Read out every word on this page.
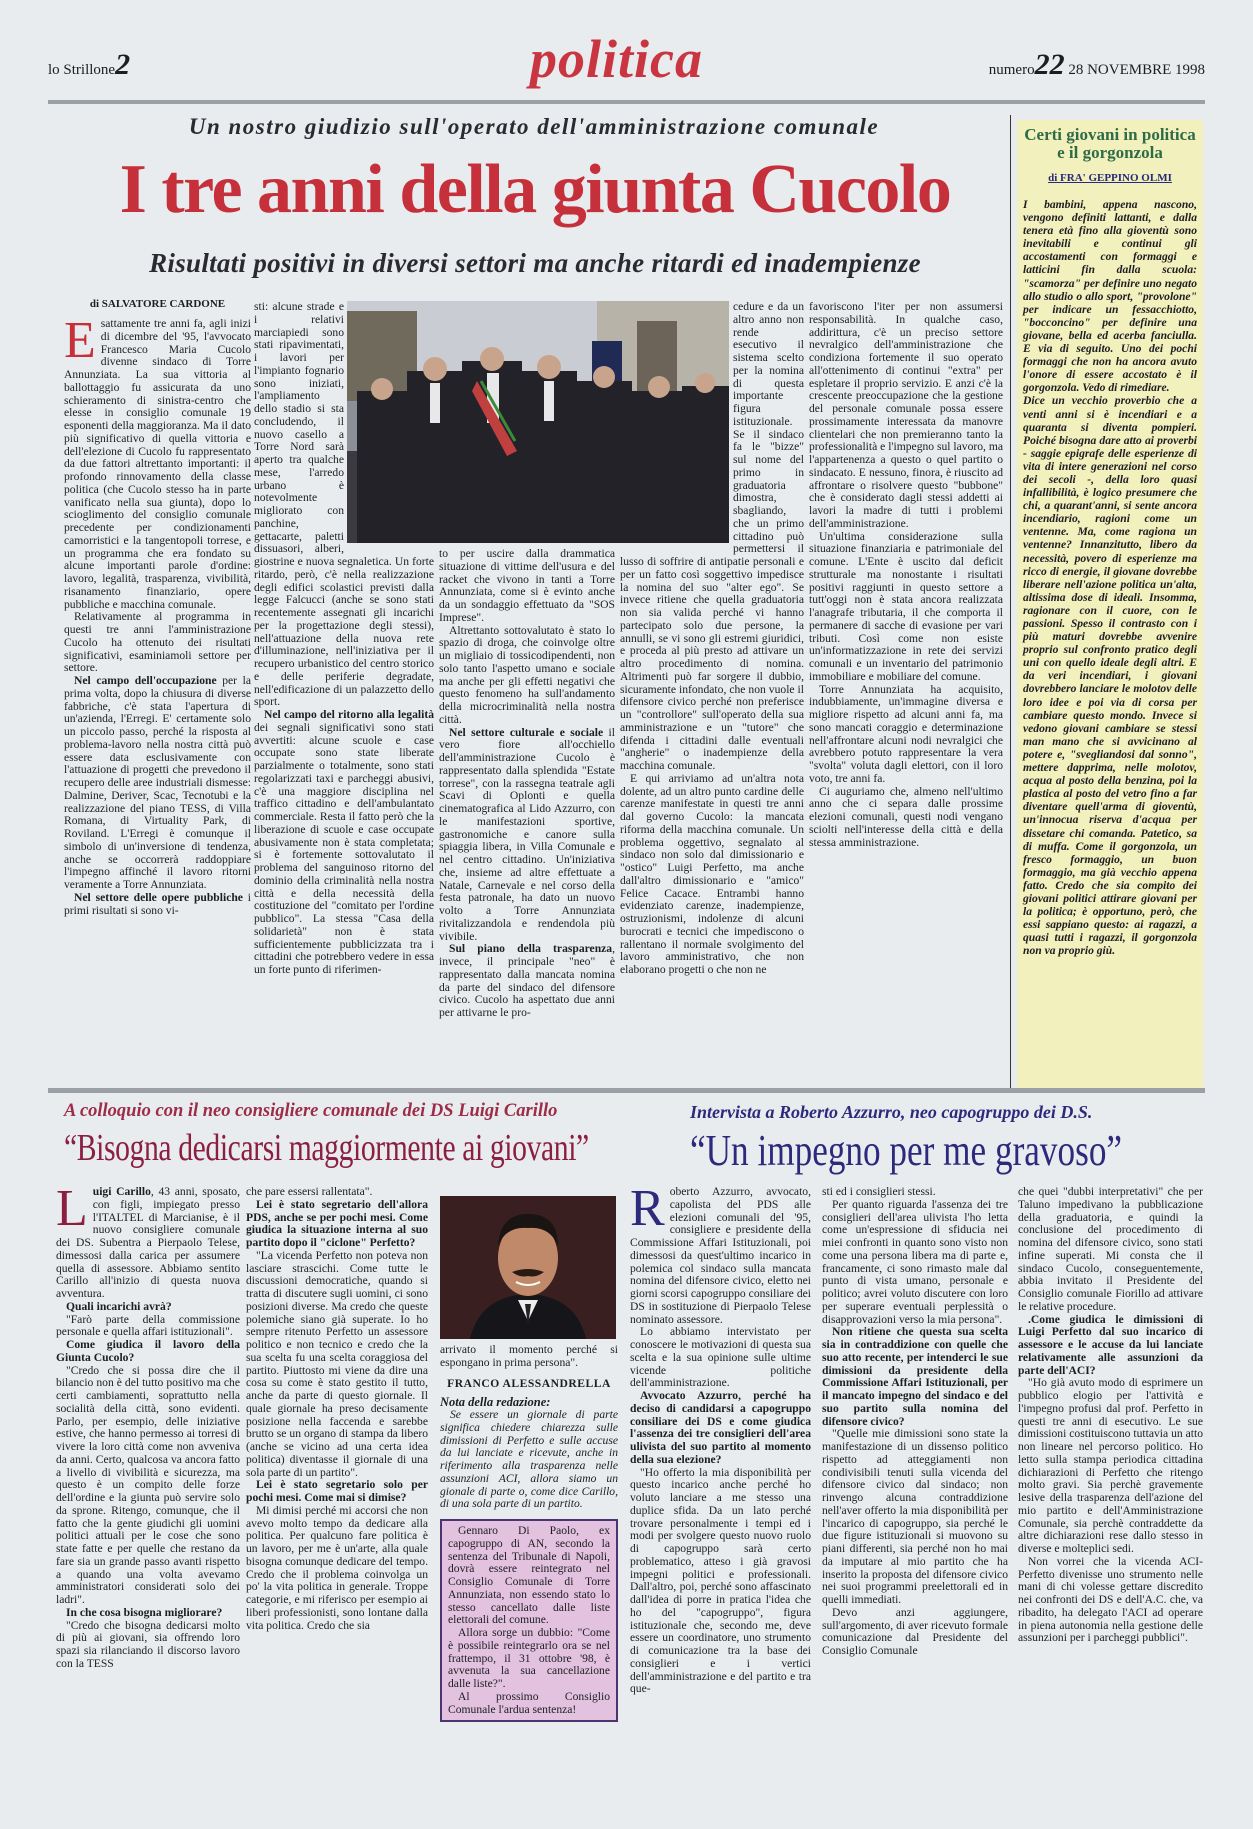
lo Strillone2	politica	numero22 28 NOVEMBRE 1998
Un nostro giudizio sull'operato dell'amministrazione comunale
I tre anni della giunta Cucolo
Risultati positivi in diversi settori ma anche ritardi ed inadempienze
di SALVATORE CARDONE

Esattamente tre anni fa, agli inizi di dicembre del '95, l'avvocato Francesco Maria Cucolo divenne sindaco di Torre Annunziata. La sua vittoria al ballottaggio fu assicurata da uno schieramento di sinistra-centro che elesse in consiglio comunale 19 esponenti della maggioranza. Ma il dato più significativo di quella vittoria e dell'elezione di Cucolo fu rappresentato da due fattori altrettanto importanti: il profondo rinnovamento della classe politica (che Cucolo stesso ha in parte vanificato nella sua giunta), dopo lo scioglimento del consiglio comunale precedente per condizionamenti camorristici e la tangentopoli torrese, e un programma che era fondato su alcune importanti parole d'ordine: lavoro, legalità, trasparenza, vivibilità, risanamento finanziario, opere pubbliche e macchina comunale.

Relativamente al programma in questi tre anni l'amministrazione Cucolo ha ottenuto dei risultati significativi, esaminiamoli settore per settore.

Nel campo dell'occupazione per la prima volta, dopo la chiusura di diverse fabbriche, c'è stata l'apertura di un'azienda, l'Erregi. E' certamente solo un piccolo passo, perché la risposta al problema-lavoro nella nostra città può essere data esclusivamente con l'attuazione di progetti che prevedono il recupero delle aree industriali dismesse: Dalmine, Deriver, Scac, Tecnotubi e la realizzazione del piano TESS, di Villa Romana, di Virtuality Park, di Roviland. L'Erregi è comunque il simbolo di un'inversione di tendenza, anche se occorrerà raddoppiare l'impegno affinché il lavoro ritorni veramente a Torre Annunziata.

Nel settore delle opere pubbliche i primi risultati si sono vi-

sti: alcune strade e i relativi marciapiedi sono stati ripavimentati, i lavori per l'impianto fognario sono iniziati, l'ampliamento dello stadio si sta concludendo, il nuovo casello a Torre Nord sarà aperto tra qualche mese, l'arredo urbano è notevolmente migliorato con panchine, gettacarte, paletti dissuasori, alberi, giostrine e nuova segnaletica. Un forte ritardo, però, c'è nella realizzazione degli edifici scolastici previsti dalla legge Falcucci (anche se sono stati recentemente assegnati gli incarichi per la progettazione degli stessi), nell'attuazione della nuova rete d'illuminazione, nell'iniziativa per il recupero urbanistico del centro storico e delle periferie degradate, nell'edificazione di un palazzetto dello sport.

Nel campo del ritorno alla legalità dei segnali significativi sono stati avvertiti: alcune scuole e case occupate sono state liberate parzialmente o totalmente, sono stati regolarizzati taxi e parcheggi abusivi, c'è una maggiore disciplina nel traffico cittadino e dell'ambulantato commerciale. Resta il fatto però che la liberazione di scuole e case occupate abusivamente non è stata completata; si è fortemente sottovalutato il problema del sanguinoso ritorno del dominio della criminalità nella nostra città e della necessità della costituzione del "comitato per l'ordine pubblico". La stessa "Casa della solidarietà" non è stata sufficientemente pubblicizzata tra i cittadini che potrebbero vedere in essa un forte punto di riferimen-

to per uscire dalla drammatica situazione di vittime dell'usura e del racket che vivono in tanti a Torre Annunziata, come si è evinto anche da un sondaggio effettuato da "SOS Imprese".

Altrettanto sottovalutato è stato lo spazio di droga, che coinvolge oltre un migliaio di tossicodipendenti, non solo tanto l'aspetto umano e sociale ma anche per gli effetti negativi che questo fenomeno ha sull'andamento della microcriminalità nella nostra città.

Nel settore culturale e sociale il vero fiore all'occhiello dell'amministrazione Cucolo è rappresentato dalla splendida "Estate torrese", con la rassegna teatrale agli Scavi di Oplonti e quella cinematografica al Lido Azzurro, con le manifestazioni sportive, gastronomiche e canore sulla spiaggia libera, in Villa Comunale e nel centro cittadino. Un'iniziativa che, insieme ad altre effettuate a Natale, Carnevale e nel corso della festa patronale, ha dato un nuovo volto a Torre Annunziata rivitalizzandola e rendendola più vivibile.

Sul piano della trasparenza, invece, il principale "neo" è rappresentato dalla mancata nomina da parte del sindaco del difensore civico. Cucolo ha aspettato due anni per attivarne le pro-

cedure e da un altro anno non rende esecutivo il sistema scelto per la nomina di questa importante figura istituzionale. Se il sindaco fa le "bizze" sul nome del primo in graduatoria dimostra, sbagliando, che un primo cittadino può permettersi il lusso di soffrire di antipatie personali e per un fatto così soggettivo impedisce la nomina del suo "alter ego". Se invece ritiene che quella graduatoria non sia valida perché vi hanno partecipato solo due persone, la annulli, se vi sono gli estremi giuridici, e proceda al più presto ad attivare un altro procedimento di nomina. Altrimenti può far sorgere il dubbio, sicuramente infondato, che non vuole il difensore civico perché non preferisce un "controllore" sull'operato della sua amministrazione e un "tutore" che difenda i cittadini dalle eventuali "angherie" o inadempienze della macchina comunale.

E qui arriviamo ad un'altra nota dolente, ad un altro punto cardine delle carenze manifestate in questi tre anni dal governo Cucolo: la mancata riforma della macchina comunale. Un problema oggettivo, segnalato al sindaco non solo dal dimissionario e "ostico" Luigi Perfetto, ma anche dall'altro dimissionario e "amico" Felice Cacace. Entrambi hanno evidenziato carenze, inadempienze, ostruzionismi, indolenze di alcuni burocrati e tecnici che impediscono o rallentano il normale svolgimento del lavoro amministrativo, che non elaborano progetti o che non ne

favoriscono l'iter per non assumersi responsabilità. In qualche caso, addirittura, c'è un preciso settore nevralgico dell'amministrazione che condiziona fortemente il suo operato all'ottenimento di continui "extra" per espletare il proprio servizio. E anzi c'è la crescente preoccupazione che la gestione del personale comunale possa essere prossimamente interessata da manovre clientelari che non premieranno tanto la professionalità e l'impegno sul lavoro, ma l'appartenenza a questo o quel partito o sindacato. E nessuno, finora, è riuscito ad affrontare o risolvere questo "bubbone" che è considerato dagli stessi addetti ai lavori la madre di tutti i problemi dell'amministrazione.

Un'ultima considerazione sulla situazione finanziaria e patrimoniale del comune. L'Ente è uscito dal deficit strutturale ma nonostante i risultati positivi raggiunti in questo settore a tutt'oggi non è stata ancora realizzata l'anagrafe tributaria, il che comporta il permanere di sacche di evasione per vari tributi. Così come non esiste un'informatizzazione in rete dei servizi comunali e un inventario del patrimonio immobiliare e mobiliare del comune.

Torre Annunziata ha acquisito, indubbiamente, un'immagine diversa e migliore rispetto ad alcuni anni fa, ma sono mancati coraggio e determinazione nell'affrontare alcuni nodi nevralgici che avrebbero potuto rappresentare la vera "svolta" voluta dagli elettori, con il loro voto, tre anni fa.

Ci auguriamo che, almeno nell'ultimo anno che ci separa dalle prossime elezioni comunali, questi nodi vengano sciolti nell'interesse della città e della stessa amministrazione.

Certi giovani in politica e il gorgonzola
di FRA' GEPPINO OLMI

I bambini, appena nascono, vengono definiti lattanti, e dalla tenera età fino alla gioventù sono inevitabili e continui gli accostamenti con formaggi e latticini fin dalla scuola: "scamorza" per definire uno negato allo studio o allo sport, "provolone" per indicare un fessacchiotto, "bocconcino" per definire una giovane, bella ed acerba fanciulla. E via di seguito. Uno dei pochi formaggi che non ha ancora avuto l'onore di essere accostato è il gorgonzola. Vedo di rimediare.

Dice un vecchio proverbio che a venti anni si è incendiari e a quaranta si diventa pompieri. Poiché bisogna dare atto ai proverbi - saggie epigrafe delle esperienze di vita di intere generazioni nel corso dei secoli -, della loro quasi infallibilità, è logico presumere che chi, a quarant'anni, si sente ancora incendiario, ragioni come un ventenne. Ma, come ragiona un ventenne? Innanzitutto, libero da necessità, povero di esperienze ma ricco di energie, il giovane dovrebbe liberare nell'azione politica un'alta, altissima dose di ideali. Insomma, ragionare con il cuore, con le passioni. Spesso il contrasto con i più maturi dovrebbe avvenire proprio sul confronto pratico degli uni con quello ideale degli altri. E da veri incendiari, i giovani dovrebbero lanciare le molotov delle loro idee e poi via di corsa per cambiare questo mondo. Invece si vedono giovani cambiare se stessi man mano che si avvicinano al potere e, "svegliandosi dal sonno", mettere dapprima, nelle molotov, acqua al posto della benzina, poi la plastica al posto del vetro fino a far diventare quell'arma di gioventù, un'innocua riserva d'acqua per dissetare chi comanda. Patetico, sa di muffa. Come il gorgonzola, un fresco formaggio, un buon formaggio, ma già vecchio appena fatto. Credo che sia compito dei giovani politici attirare giovani per la politica; è opportuno, però, che essi sappiano questo: ai ragazzi, a quasi tutti i ragazzi, il gorgonzola non va proprio giù.

A colloquio con il neo consigliere comunale dei DS Luigi Carillo
“Bisogna dedicarsi maggiormente ai giovani”

Luigi Carillo, 43 anni, sposato, con figli, impiegato presso l'ITALTEL di Marcianise, è il nuovo consigliere comunale dei DS. Subentra a Pierpaolo Telese, dimessosi dalla carica per assumere quella di assessore. Abbiamo sentito Carillo all'inizio di questa nuova avventura.

Quali incarichi avrà?

"Farò parte della commissione personale e quella affari istituzionali".

Come giudica il lavoro della Giunta Cucolo?

"Credo che si possa dire che il bilancio non è del tutto positivo ma che certi cambiamenti, soprattutto nella socialità della città, sono evidenti. Parlo, per esempio, delle iniziative estive, che hanno permesso ai torresi di vivere la loro città come non avveniva da anni. Certo, qualcosa va ancora fatto a livello di vivibilità e sicurezza, ma questo è un compito delle forze dell'ordine e la giunta può servire solo da sprone. Ritengo, comunque, che il fatto che la gente giudichi gli uomini politici attuali per le cose che sono state fatte e per quelle che restano da fare sia un grande passo avanti rispetto a quando una volta avevamo amministratori considerati solo dei ladri".

In che cosa bisogna migliorare?

"Credo che bisogna dedicarsi molto di più ai giovani, sia offrendo loro spazi sia rilanciando il discorso lavoro con la TESS

che pare essersi rallentata".

Lei è stato segretario dell'allora PDS, anche se per pochi mesi. Come giudica la situazione interna al suo partito dopo il "ciclone" Perfetto?

"La vicenda Perfetto non poteva non lasciare strascichi. Come tutte le discussioni democratiche, quando si tratta di discutere sugli uomini, ci sono posizioni diverse. Ma credo che queste polemiche siano già superate. Io ho sempre ritenuto Perfetto un assessore politico e non tecnico e credo che la sua scelta fu una scelta coraggiosa del partito. Piuttosto mi viene da dire una cosa su come è stato gestito il tutto, anche da parte di questo giornale. Il quale giornale ha preso decisamente posizione nella faccenda e sarebbe brutto se un organo di stampa da libero (anche se vicino ad una certa idea politica) diventasse il giornale di una sola parte di un partito".

Lei è stato segretario solo per pochi mesi. Come mai si dimise?

Mi dimisi perché mi accorsi che non avevo molto tempo da dedicare alla politica. Per qualcuno fare politica è un lavoro, per me è un'arte, alla quale bisogna comunque dedicare del tempo. Credo che il problema coinvolga un po' la vita politica in generale. Troppe categorie, e mi riferisco per esempio ai liberi professionisti, sono lontane dalla vita politica. Credo che sia

arrivato il momento perché si espongano in prima persona".

FRANCO ALESSANDRELLA

Nota della redazione:

Se essere un giornale di parte significa chiedere chiarezza sulle dimissioni di Perfetto e sulle accuse da lui lanciate e ricevute, anche in riferimento alla trasparenza nelle assunzioni ACI, allora siamo un gionale di parte o, come dice Carillo, di una sola parte di un partito.

Gennaro Di Paolo, ex capogruppo di AN, secondo la sentenza del Tribunale di Napoli, dovrà essere reintegrato nel Consiglio Comunale di Torre Annunziata, non essendo stato lo stesso cancellato dalle liste elettorali del comune.

Allora sorge un dubbio: "Come è possibile reintegrarlo ora se nel frattempo, il 31 ottobre '98, è avvenuta la sua cancellazione dalle liste?".

Al prossimo Consiglio Comunale l'ardua sentenza!

Intervista a Roberto Azzurro, neo capogruppo dei D.S.
“Un impegno per me gravoso”

Roberto Azzurro, avvocato, capolista del PDS alle elezioni comunali del '95, consigliere e presidente della Commissione Affari Istituzionali, poi dimessosi da quest'ultimo incarico in polemica col sindaco sulla mancata nomina del difensore civico, eletto nei giorni scorsi capogruppo consiliare dei DS in sostituzione di Pierpaolo Telese nominato assessore.

Lo abbiamo intervistato per conoscere le motivazioni di questa sua scelta e la sua opinione sulle ultime vicende politiche dell'amministrazione.

Avvocato Azzurro, perché ha deciso di candidarsi a capogruppo consiliare dei DS e come giudica l'assenza dei tre consiglieri dell'area ulivista del suo partito al momento della sua elezione?

"Ho offerto la mia disponibilità per questo incarico anche perché ho voluto lanciare a me stesso una duplice sfida. Da un lato perché trovare personalmente i tempi ed i modi per svolgere questo nuovo ruolo di capogruppo sarà certo problematico, atteso i già gravosi impegni politici e professionali. Dall'altro, poi, perché sono affascinato dall'idea di porre in pratica l'idea che ho del "capogruppo", figura istituzionale che, secondo me, deve essere un coordinatore, uno strumento di comunicazione tra la base dei consiglieri e i vertici dell'amministrazione e del partito e tra que-

sti ed i consiglieri stessi.

Per quanto riguarda l'assenza dei tre consiglieri dell'area ulivista l'ho letta come un'espressione di sfiducia nei miei confronti in quanto sono visto non come una persona libera ma di parte e, francamente, ci sono rimasto male dal punto di vista umano, personale e politico; avrei voluto discutere con loro per superare eventuali perplessità o disapprovazioni verso la mia persona".

Non ritiene che questa sua scelta sia in contraddizione con quelle che suo atto recente, per intenderci le sue dimissioni da presidente della Commissione Affari Istituzionali, per il mancato impegno del sindaco e del suo partito sulla nomina del difensore civico?

"Quelle mie dimissioni sono state la manifestazione di un dissenso politico rispetto ad atteggiamenti non condivisibili tenuti sulla vicenda del difensore civico dal sindaco; non rinvengo alcuna contraddizione nell'aver offerto la mia disponibilità per l'incarico di capogruppo, sia perché le due figure istituzionali si muovono su piani differenti, sia perché non ho mai da imputare al mio partito che ha inserito la proposta del difensore civico nei suoi programmi preelettorali ed in quelli immediati.

Devo anzi aggiungere, sull'argomento, di aver ricevuto formale comunicazione dal Presidente del Consiglio Comunale

che quei "dubbi interpretativi" che per Taluno impedivano la pubblicazione della graduatoria, e quindi la conclusione del procedimento di nomina del difensore civico, sono stati infine superati. Mi consta che il sindaco Cucolo, conseguentemente, abbia invitato il Presidente del Consiglio comunale Fiorillo ad attivare le relative procedure.

.Come giudica le dimissioni di Luigi Perfetto dal suo incarico di assessore e le accuse da lui lanciate relativamente alle assunzioni da parte dell'ACI?

"Ho già avuto modo di esprimere un pubblico elogio per l'attività e l'impegno profusi dal prof. Perfetto in questi tre anni di esecutivo. Le sue dimissioni costituiscono tuttavia un atto non lineare nel percorso politico. Ho letto sulla stampa periodica cittadina dichiarazioni di Perfetto che ritengo molto gravi. Sia perchè gravemente lesive della trasparenza dell'azione del mio partito e dell'Amministrazione Comunale, sia perchè contraddette da altre dichiarazioni rese dallo stesso in diverse e molteplici sedi.

Non vorrei che la vicenda ACI-Perfetto divenisse uno strumento nelle mani di chi volesse gettare discredito nei confronti dei DS e dell'A.C. che, va ribadito, ha delegato l'ACI ad operare in piena autonomia nella gestione delle assunzioni per i parcheggi pubblici".
